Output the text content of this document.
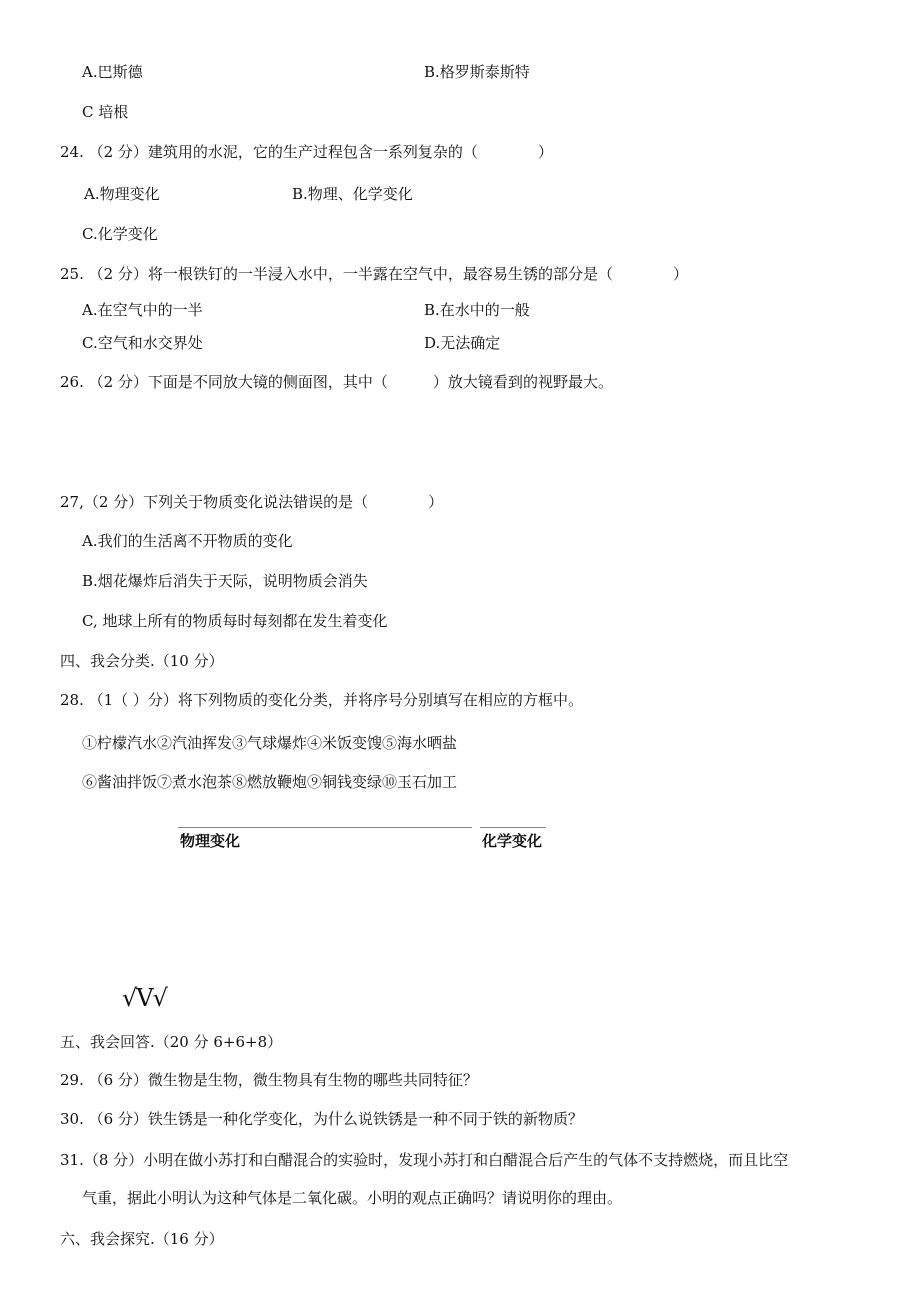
A.巴斯德	B.格罗斯泰斯特
C 培根
24. （2 分）建筑用的水泥，它的生产过程包含一系列复杂的（　　　　）
A.物理变化	B.物理、化学变化
C.化学变化
25. （2 分）将一根铁钉的一半浸入水中，一半露在空气中，最容易生锈的部分是（　　　　）
A.在空气中的一半	B.在水中的一般
C.空气和水交界处	D.无法确定
26. （2 分）下面是不同放大镜的侧面图，其中（　　　）放大镜看到的视野最大。
27,（2 分）下列关于物质变化说法错误的是（　　　　）
A.我们的生活离不开物质的变化
B.烟花爆炸后消失于天际，说明物质会消失
C, 地球上所有的物质每时每刻都在发生着变化
四、我会分类.（10 分）
28. （1（ ）分）将下列物质的变化分类，并将序号分别填写在相应的方框中。
①柠檬汽水②汽油挥发③气球爆炸④米饭变馊⑤海水晒盐
⑥酱油拌饭⑦煮水泡茶⑧燃放鞭炮⑨铜钱变绿⑩玉石加工
物理变化	化学变化
√V√
五、我会回答.（20 分 6+6+8）
29. （6 分）微生物是生物，微生物具有生物的哪些共同特征？
30. （6 分）铁生锈是一种化学变化，为什么说铁锈是一种不同于铁的新物质？
31.（8 分）小明在做小苏打和白醋混合的实验时，发现小苏打和白醋混合后产生的气体不支持燃烧，而且比空
气重，据此小明认为这种气体是二氧化碳。小明的观点正确吗？请说明你的理由。
六、我会探究.（16 分）
